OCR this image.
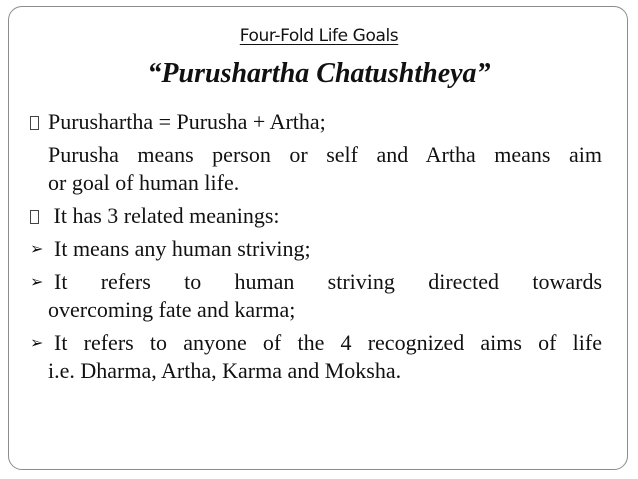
Four-Fold Life Goals
“Purushartha Chatushtheya”
Purushartha = Purusha + Artha;
Purusha means person or self and Artha means aim
or goal of human life.
It has 3 related meanings:
➢ It means any human striving;
➢ It refers to human striving directed towards
overcoming fate and karma;
➢ It refers to anyone of the 4 recognized aims of life
i.e. Dharma, Artha, Karma and Moksha.
